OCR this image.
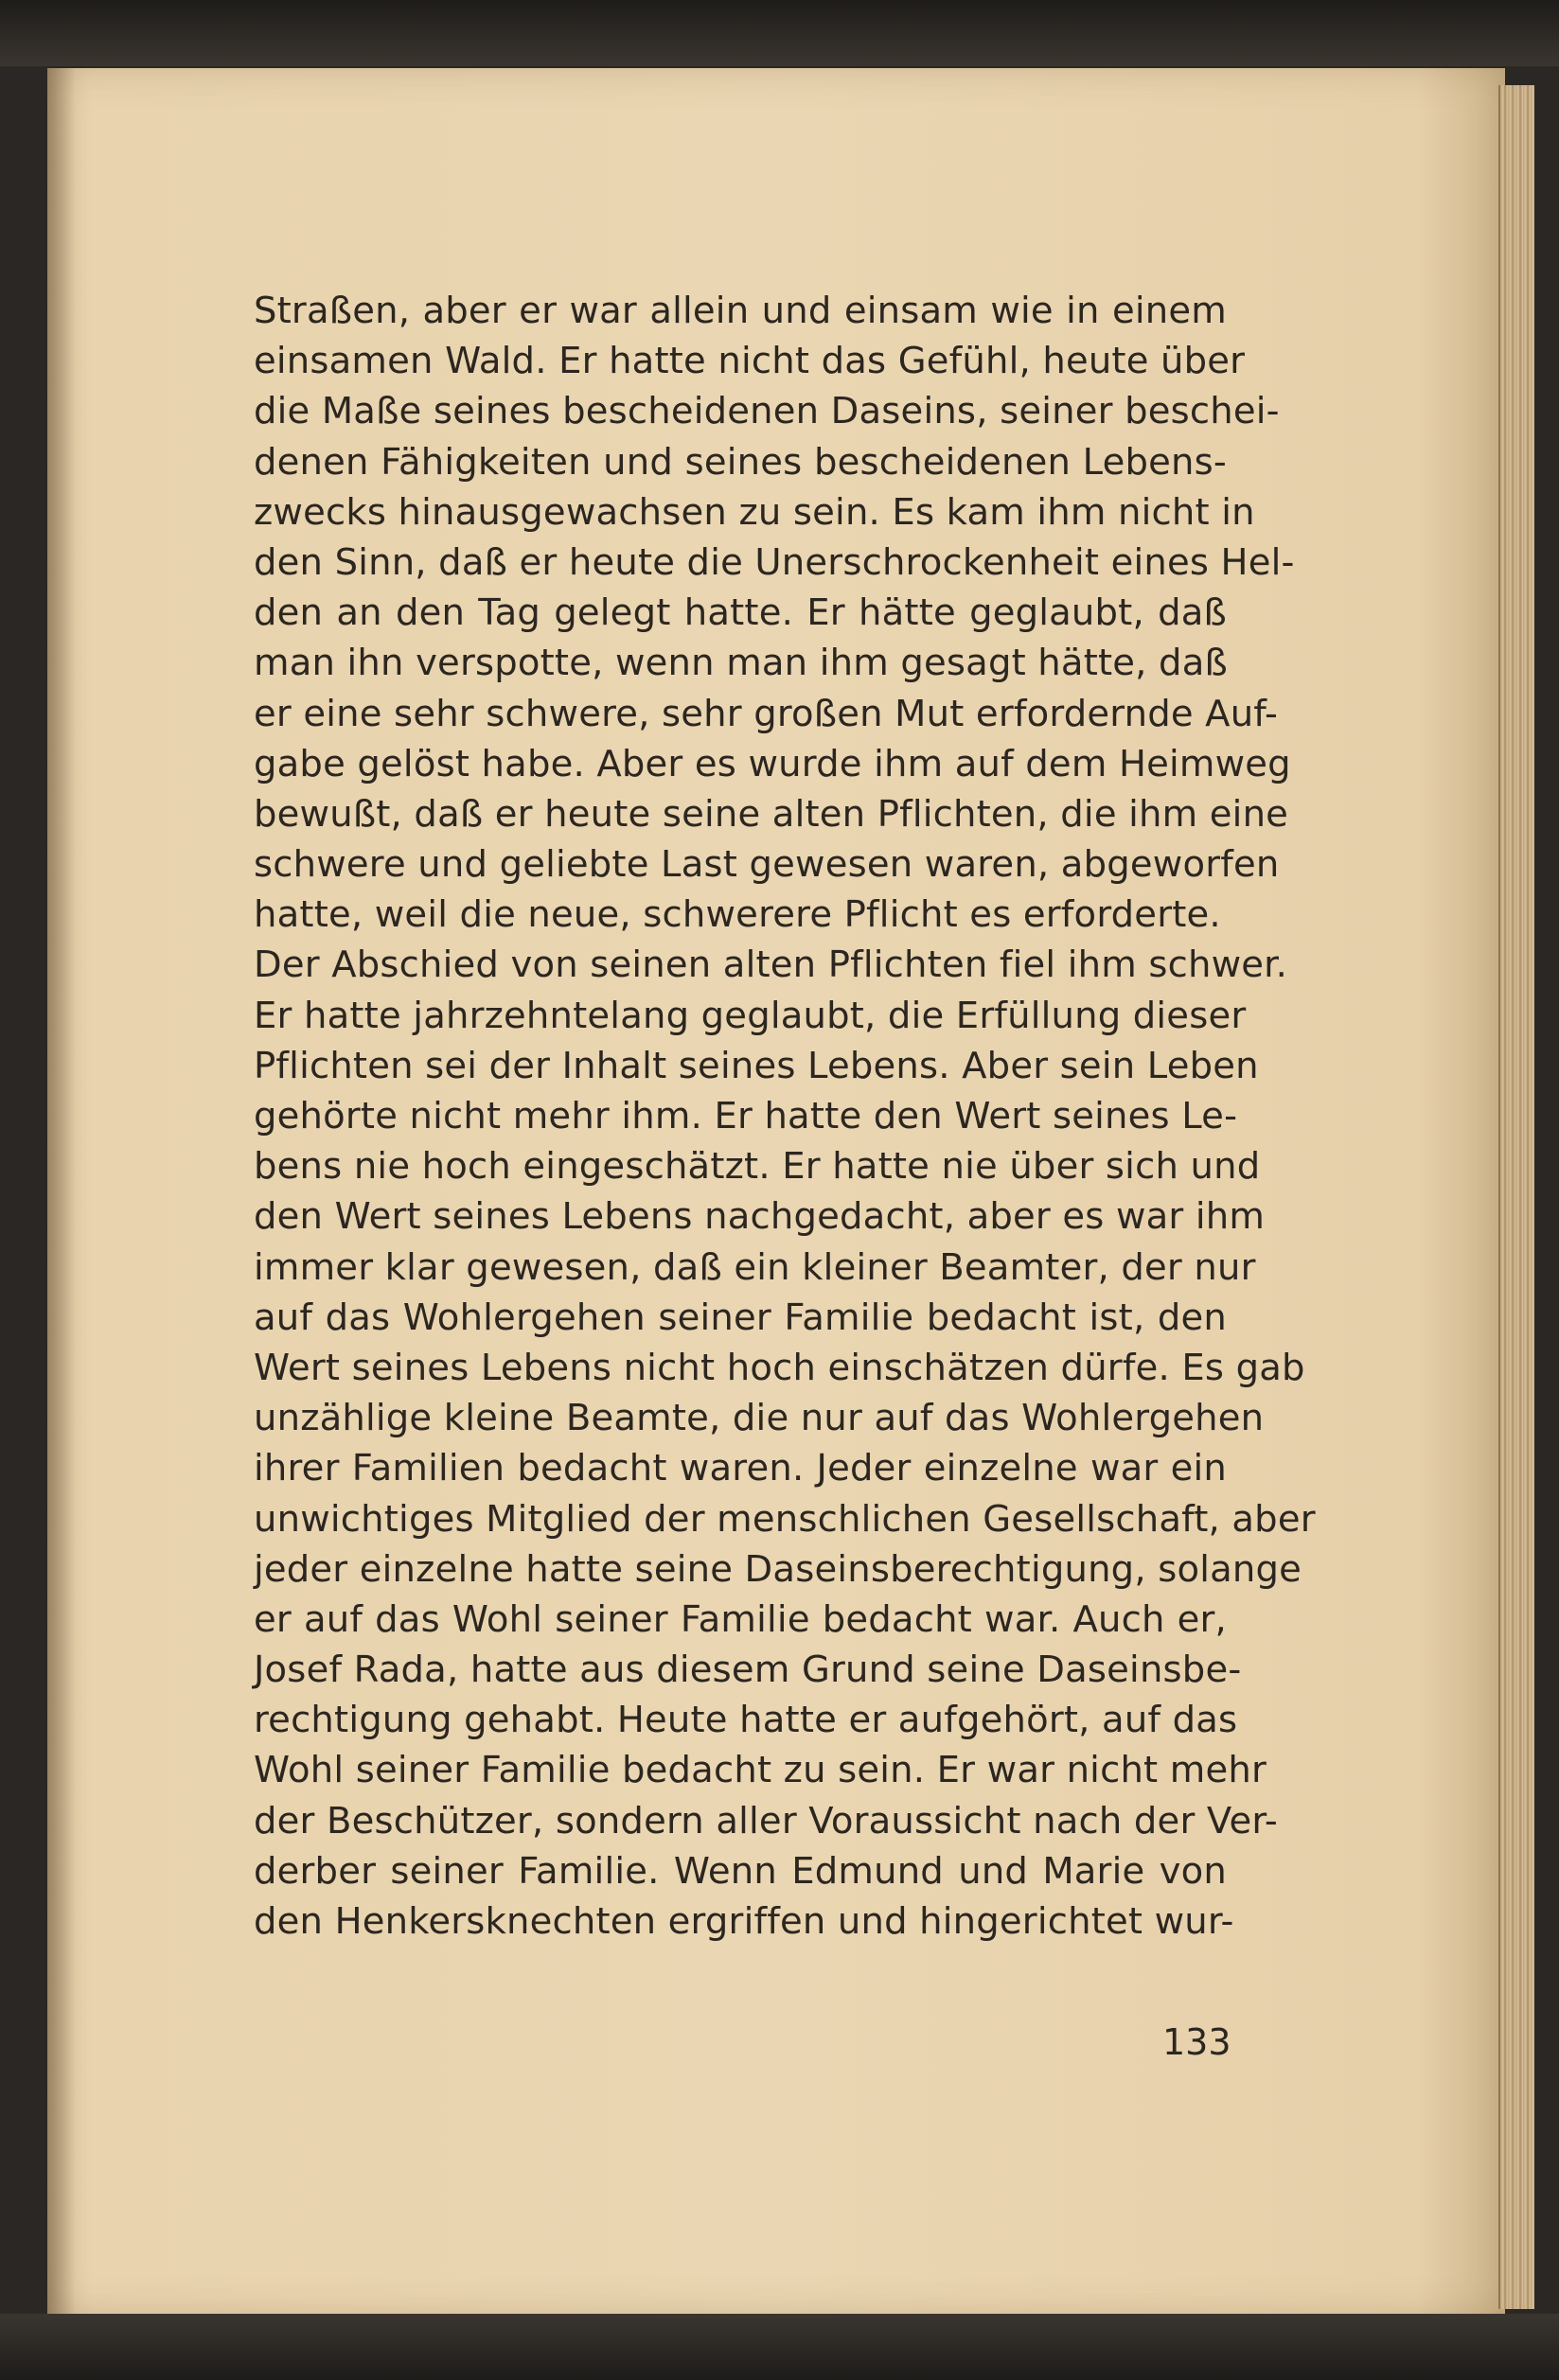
Straßen, aber er war allein und einsam wie in einem
einsamen Wald. Er hatte nicht das Gefühl, heute über
die Maße seines bescheidenen Daseins, seiner beschei-
denen Fähigkeiten und seines bescheidenen Lebens-
zwecks hinausgewachsen zu sein. Es kam ihm nicht in
den Sinn, daß er heute die Unerschrockenheit eines Hel-
den an den Tag gelegt hatte. Er hätte geglaubt, daß
man ihn verspotte, wenn man ihm gesagt hätte, daß
er eine sehr schwere, sehr großen Mut erfordernde Auf-
gabe gelöst habe. Aber es wurde ihm auf dem Heimweg
bewußt, daß er heute seine alten Pflichten, die ihm eine
schwere und geliebte Last gewesen waren, abgeworfen
hatte, weil die neue, schwerere Pflicht es erforderte.
Der Abschied von seinen alten Pflichten fiel ihm schwer.
Er hatte jahrzehntelang geglaubt, die Erfüllung dieser
Pflichten sei der Inhalt seines Lebens. Aber sein Leben
gehörte nicht mehr ihm. Er hatte den Wert seines Le-
bens nie hoch eingeschätzt. Er hatte nie über sich und
den Wert seines Lebens nachgedacht, aber es war ihm
immer klar gewesen, daß ein kleiner Beamter, der nur
auf das Wohlergehen seiner Familie bedacht ist, den
Wert seines Lebens nicht hoch einschätzen dürfe. Es gab
unzählige kleine Beamte, die nur auf das Wohlergehen
ihrer Familien bedacht waren. Jeder einzelne war ein
unwichtiges Mitglied der menschlichen Gesellschaft, aber
jeder einzelne hatte seine Daseinsberechtigung, solange
er auf das Wohl seiner Familie bedacht war. Auch er,
Josef Rada, hatte aus diesem Grund seine Daseinsbe-
rechtigung gehabt. Heute hatte er aufgehört, auf das
Wohl seiner Familie bedacht zu sein. Er war nicht mehr
der Beschützer, sondern aller Voraussicht nach der Ver-
derber seiner Familie. Wenn Edmund und Marie von
den Henkersknechten ergriffen und hingerichtet wur-
133
